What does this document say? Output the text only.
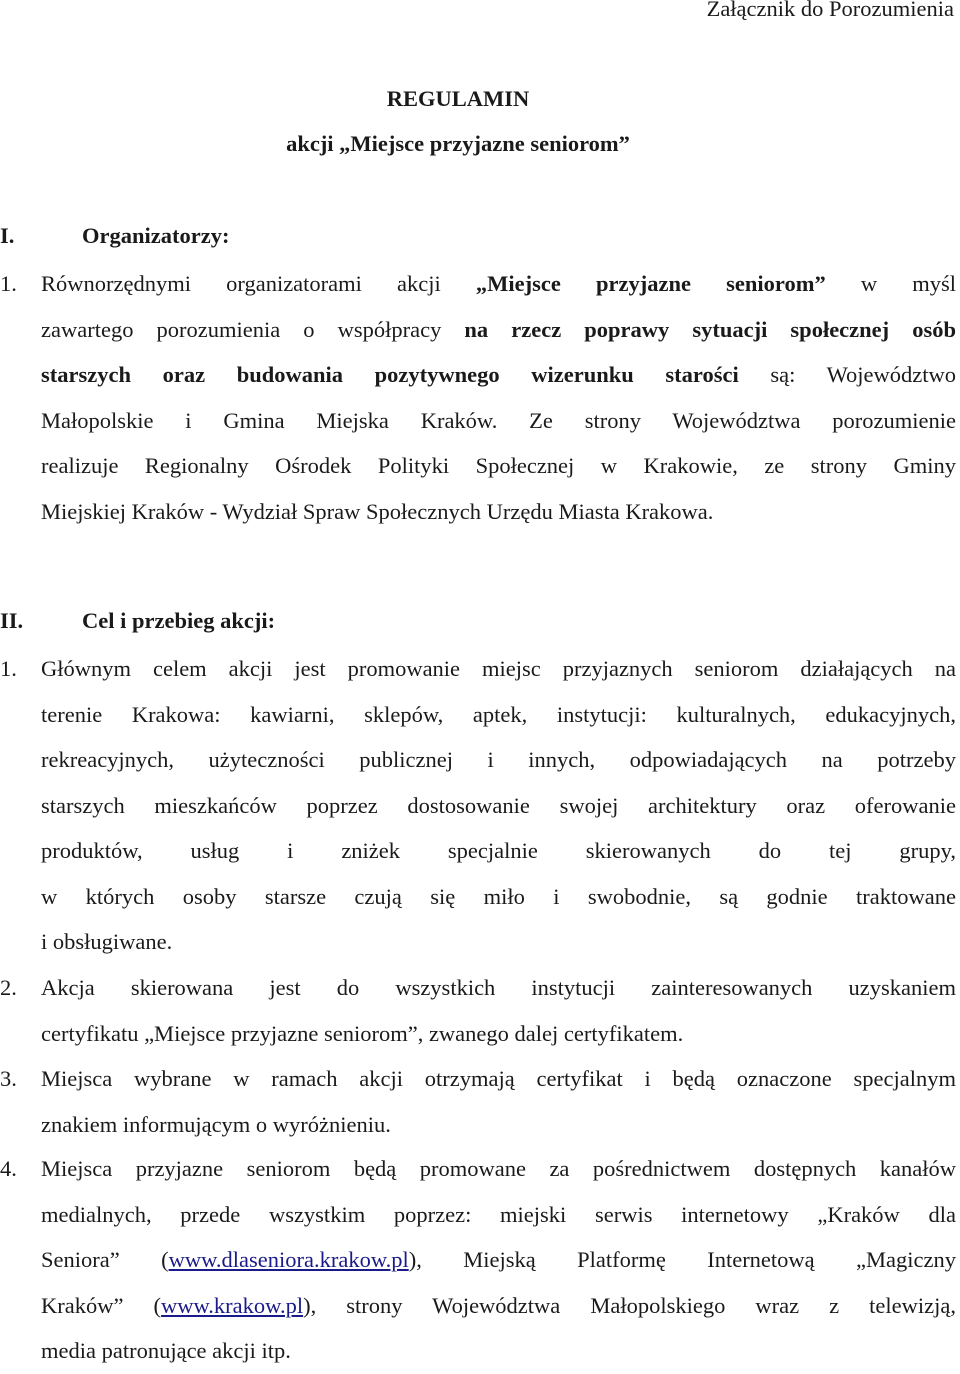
Załącznik do Porozumienia
REGULAMIN
akcji „Miejsce przyjazne seniorom”
I.	Organizatorzy:
1. Równorzędnymi organizatorami akcji „Miejsce przyjazne seniorom” w myśl
zawartego porozumienia o współpracy na rzecz poprawy sytuacji społecznej osób
starszych oraz budowania pozytywnego wizerunku starości są: Województwo
Małopolskie i Gmina Miejska Kraków. Ze strony Województwa porozumienie
realizuje Regionalny Ośrodek Polityki Społecznej w Krakowie, ze strony Gminy
Miejskiej Kraków - Wydział Spraw Społecznych Urzędu Miasta Krakowa.
II.	Cel i przebieg akcji:
1. Głównym celem akcji jest promowanie miejsc przyjaznych seniorom działających na
terenie Krakowa: kawiarni, sklepów, aptek, instytucji: kulturalnych, edukacyjnych,
rekreacyjnych, użyteczności publicznej i innych, odpowiadających na potrzeby
starszych mieszkańców poprzez dostosowanie swojej architektury oraz oferowanie
produktów, usług i zniżek specjalnie skierowanych do tej grupy,
w których osoby starsze czują się miło i swobodnie, są godnie traktowane
i obsługiwane.
2. Akcja skierowana jest do wszystkich instytucji zainteresowanych uzyskaniem
certyfikatu „Miejsce przyjazne seniorom”, zwanego dalej certyfikatem.
3. Miejsca wybrane w ramach akcji otrzymają certyfikat i będą oznaczone specjalnym
znakiem informującym o wyróżnieniu.
4. Miejsca przyjazne seniorom będą promowane za pośrednictwem dostępnych kanałów
medialnych, przede wszystkim poprzez: miejski serwis internetowy „Kraków dla
Seniora” (www.dlaseniora.krakow.pl), Miejską Platformę Internetową „Magiczny
Kraków” (www.krakow.pl), strony Województwa Małopolskiego wraz z telewizją,
media patronujące akcji itp.
